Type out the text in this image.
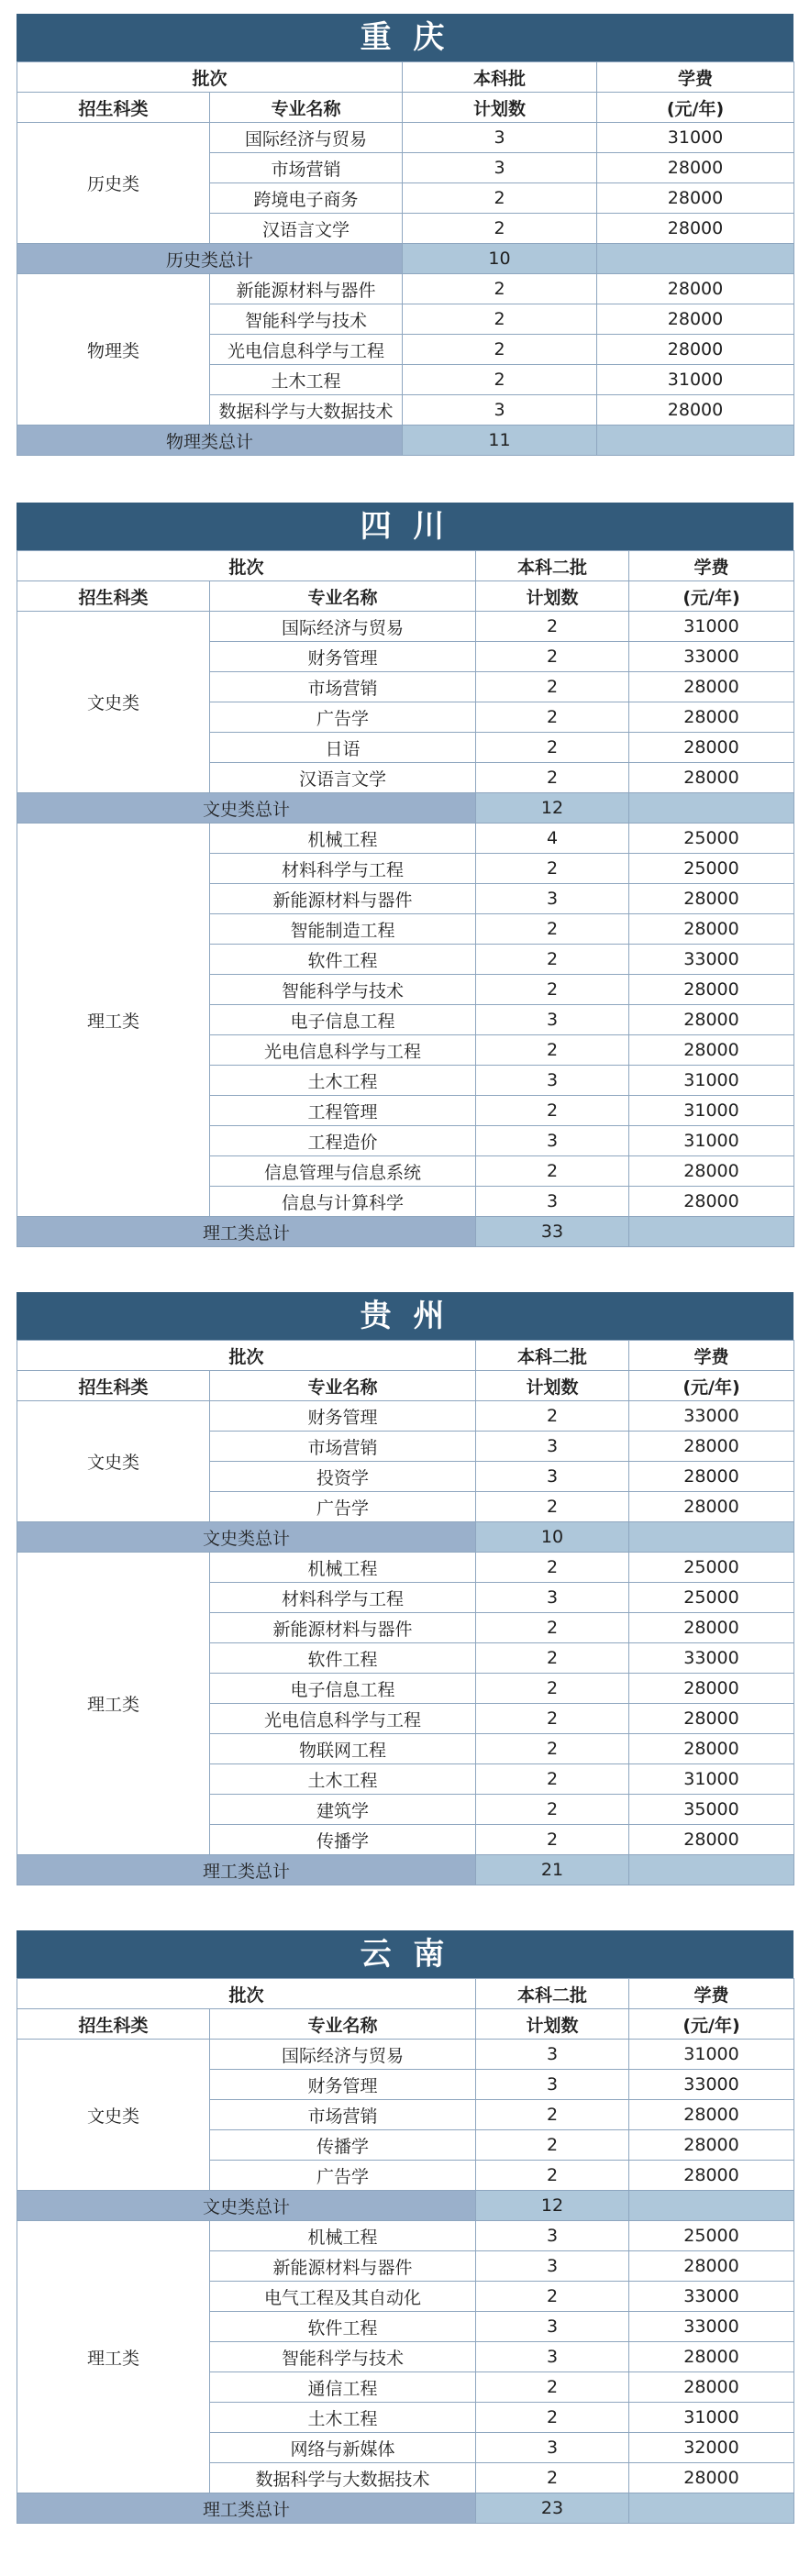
重 庆
批次		本科批	学费
招生科类	专业名称	计划数	(元/年)
历史类	国际经济与贸易	3	31000
	市场营销	3	28000
	跨境电子商务	2	28000
	汉语言文学	2	28000
历史类总计		10	
物理类	新能源材料与器件	2	28000
	智能科学与技术	2	28000
	光电信息科学与工程	2	28000
	土木工程	2	31000
	数据科学与大数据技术	3	28000
物理类总计		11	
四 川
批次		本科二批	学费
招生科类	专业名称	计划数	(元/年)
文史类	国际经济与贸易	2	31000
	财务管理	2	33000
	市场营销	2	28000
	广告学	2	28000
	日语	2	28000
	汉语言文学	2	28000
文史类总计		12	
理工类	机械工程	4	25000
	材料科学与工程	2	25000
	新能源材料与器件	3	28000
	智能制造工程	2	28000
	软件工程	2	33000
	智能科学与技术	2	28000
	电子信息工程	3	28000
	光电信息科学与工程	2	28000
	土木工程	3	31000
	工程管理	2	31000
	工程造价	3	31000
	信息管理与信息系统	2	28000
	信息与计算科学	3	28000
理工类总计		33	
贵 州
批次		本科二批	学费
招生科类	专业名称	计划数	(元/年)
文史类	财务管理	2	33000
	市场营销	3	28000
	投资学	3	28000
	广告学	2	28000
文史类总计		10	
理工类	机械工程	2	25000
	材料科学与工程	3	25000
	新能源材料与器件	2	28000
	软件工程	2	33000
	电子信息工程	2	28000
	光电信息科学与工程	2	28000
	物联网工程	2	28000
	土木工程	2	31000
	建筑学	2	35000
	传播学	2	28000
理工类总计		21	
云 南
批次		本科二批	学费
招生科类	专业名称	计划数	(元/年)
文史类	国际经济与贸易	3	31000
	财务管理	3	33000
	市场营销	2	28000
	传播学	2	28000
	广告学	2	28000
文史类总计		12	
理工类	机械工程	3	25000
	新能源材料与器件	3	28000
	电气工程及其自动化	2	33000
	软件工程	3	33000
	智能科学与技术	3	28000
	通信工程	2	28000
	土木工程	2	31000
	网络与新媒体	3	32000
	数据科学与大数据技术	2	28000
理工类总计		23	
